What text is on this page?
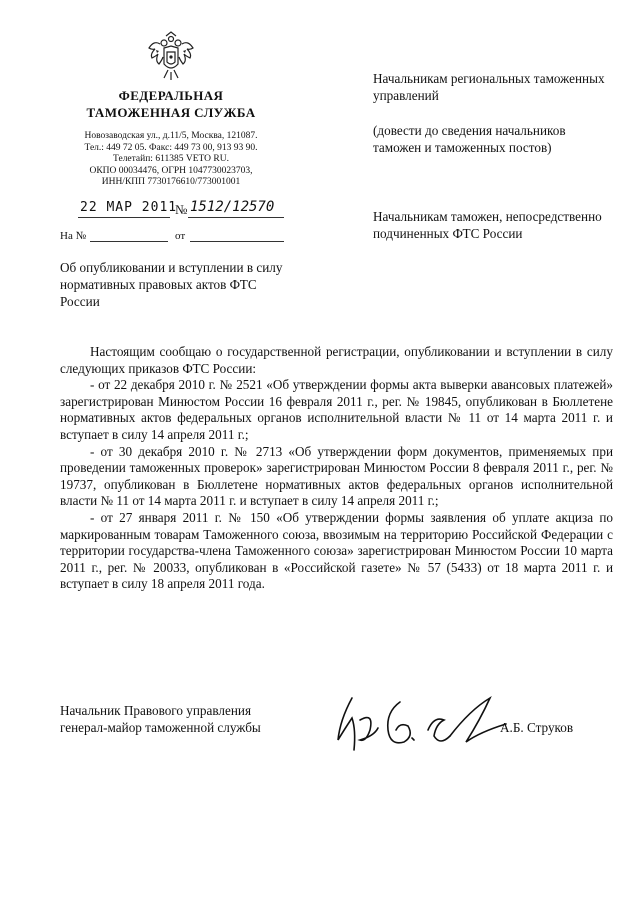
ФЕДЕРАЛЬНАЯ
ТАМОЖЕННАЯ СЛУЖБА
Новозаводская ул., д.11/5, Москва, 121087.
Тел.: 449 72 05. Факс: 449 73 00, 913 93 90.
Телетайп: 611385 VETO RU.
ОКПО 00034476, ОГРН 1047730023703,
ИНН/КПП 7730176610/773001001
22 МАР 2011
№ 1512/12570
На №	от
Начальникам региональных таможенных управлений
(довести до сведения начальников таможен и таможенных постов)
Начальникам таможен, непосредственно подчиненных ФТС России
Об опубликовании и вступлении в силу нормативных правовых актов ФТС России

Настоящим сообщаю о государственной регистрации, опубликовании и вступлении в силу следующих приказов ФТС России:

- от 22 декабря 2010 г. № 2521 «Об утверждении формы акта выверки авансовых платежей» зарегистрирован Минюстом России 16 февраля 2011 г., рег. № 19845, опубликован в Бюллетене нормативных актов федеральных органов исполнительной власти № 11 от 14 марта 2011 г. и вступает в силу 14 апреля 2011 г.;

- от 30 декабря 2010 г. № 2713 «Об утверждении форм документов, применяемых при проведении таможенных проверок» зарегистрирован Минюстом России 8 февраля 2011 г., рег. № 19737, опубликован в Бюллетене нормативных актов федеральных органов исполнительной власти № 11 от 14 марта 2011 г. и вступает в силу 14 апреля 2011 г.;

- от 27 января 2011 г. № 150 «Об утверждении формы заявления об уплате акциза по маркированным товарам Таможенного союза, ввозимым на территорию Российской Федерации с территории государства-члена Таможенного союза» зарегистрирован Минюстом России 10 марта 2011 г., рег. № 20033, опубликован в «Российской газете» № 57 (5433) от 18 марта 2011 г. и вступает в силу 18 апреля 2011 года.

Начальник Правового управления
генерал-майор таможенной службы	А.Б. Струков
